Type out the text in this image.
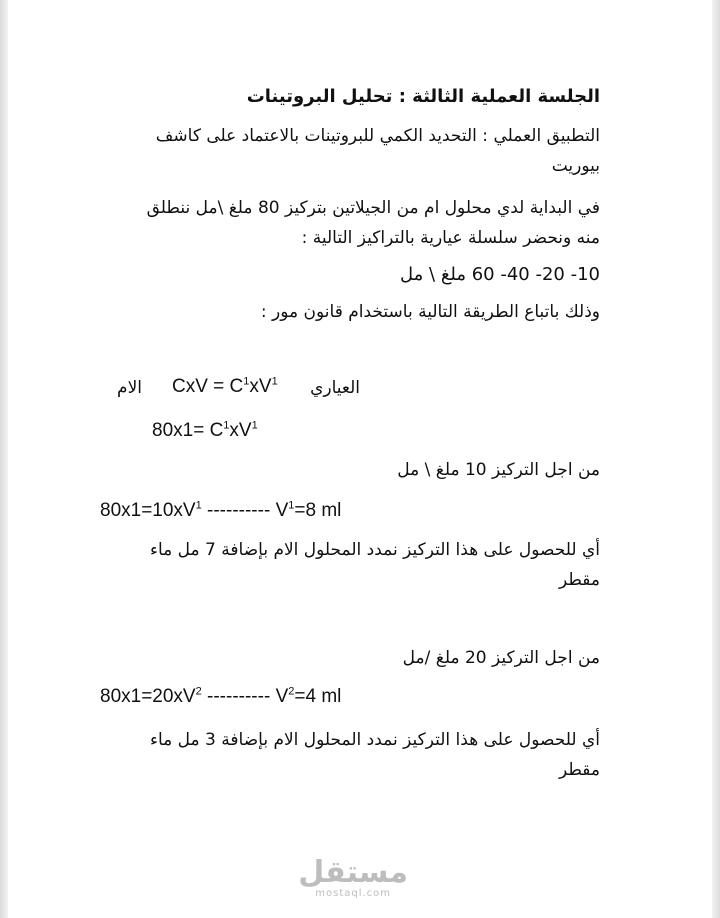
الجلسة العملية الثالثة : تحليل البروتينات
التطبيق العملي : التحديد الكمي للبروتينات بالاعتماد على كاشف
بيوريت
في البداية لدي محلول ام من الجيلاتين بتركيز 80 ملغ \مل ننطلق
منه ونحضر سلسلة عيارية بالتراكيز التالية :
10- 20- 40- 60 ملغ \ مل
وذلك باتباع الطريقة التالية باستخدام قانون مور :
العياري
CxV = $C^1xV^1$
الام
$80x1= C^1xV^1$
من اجل التركيز 10 ملغ \ مل
$80x1=10xV^1$ ---------- $V^1=8$ ml
أي للحصول على هذا التركيز نمدد المحلول الام بإضافة 7 مل ماء
مقطر
من اجل التركيز 20 ملغ /مل
$80x1=20xV^2$ ---------- $V^2=4$ ml
أي للحصول على هذا التركيز نمدد المحلول الام بإضافة 3 مل ماء
مقطر
مستقل
mostaql.com
